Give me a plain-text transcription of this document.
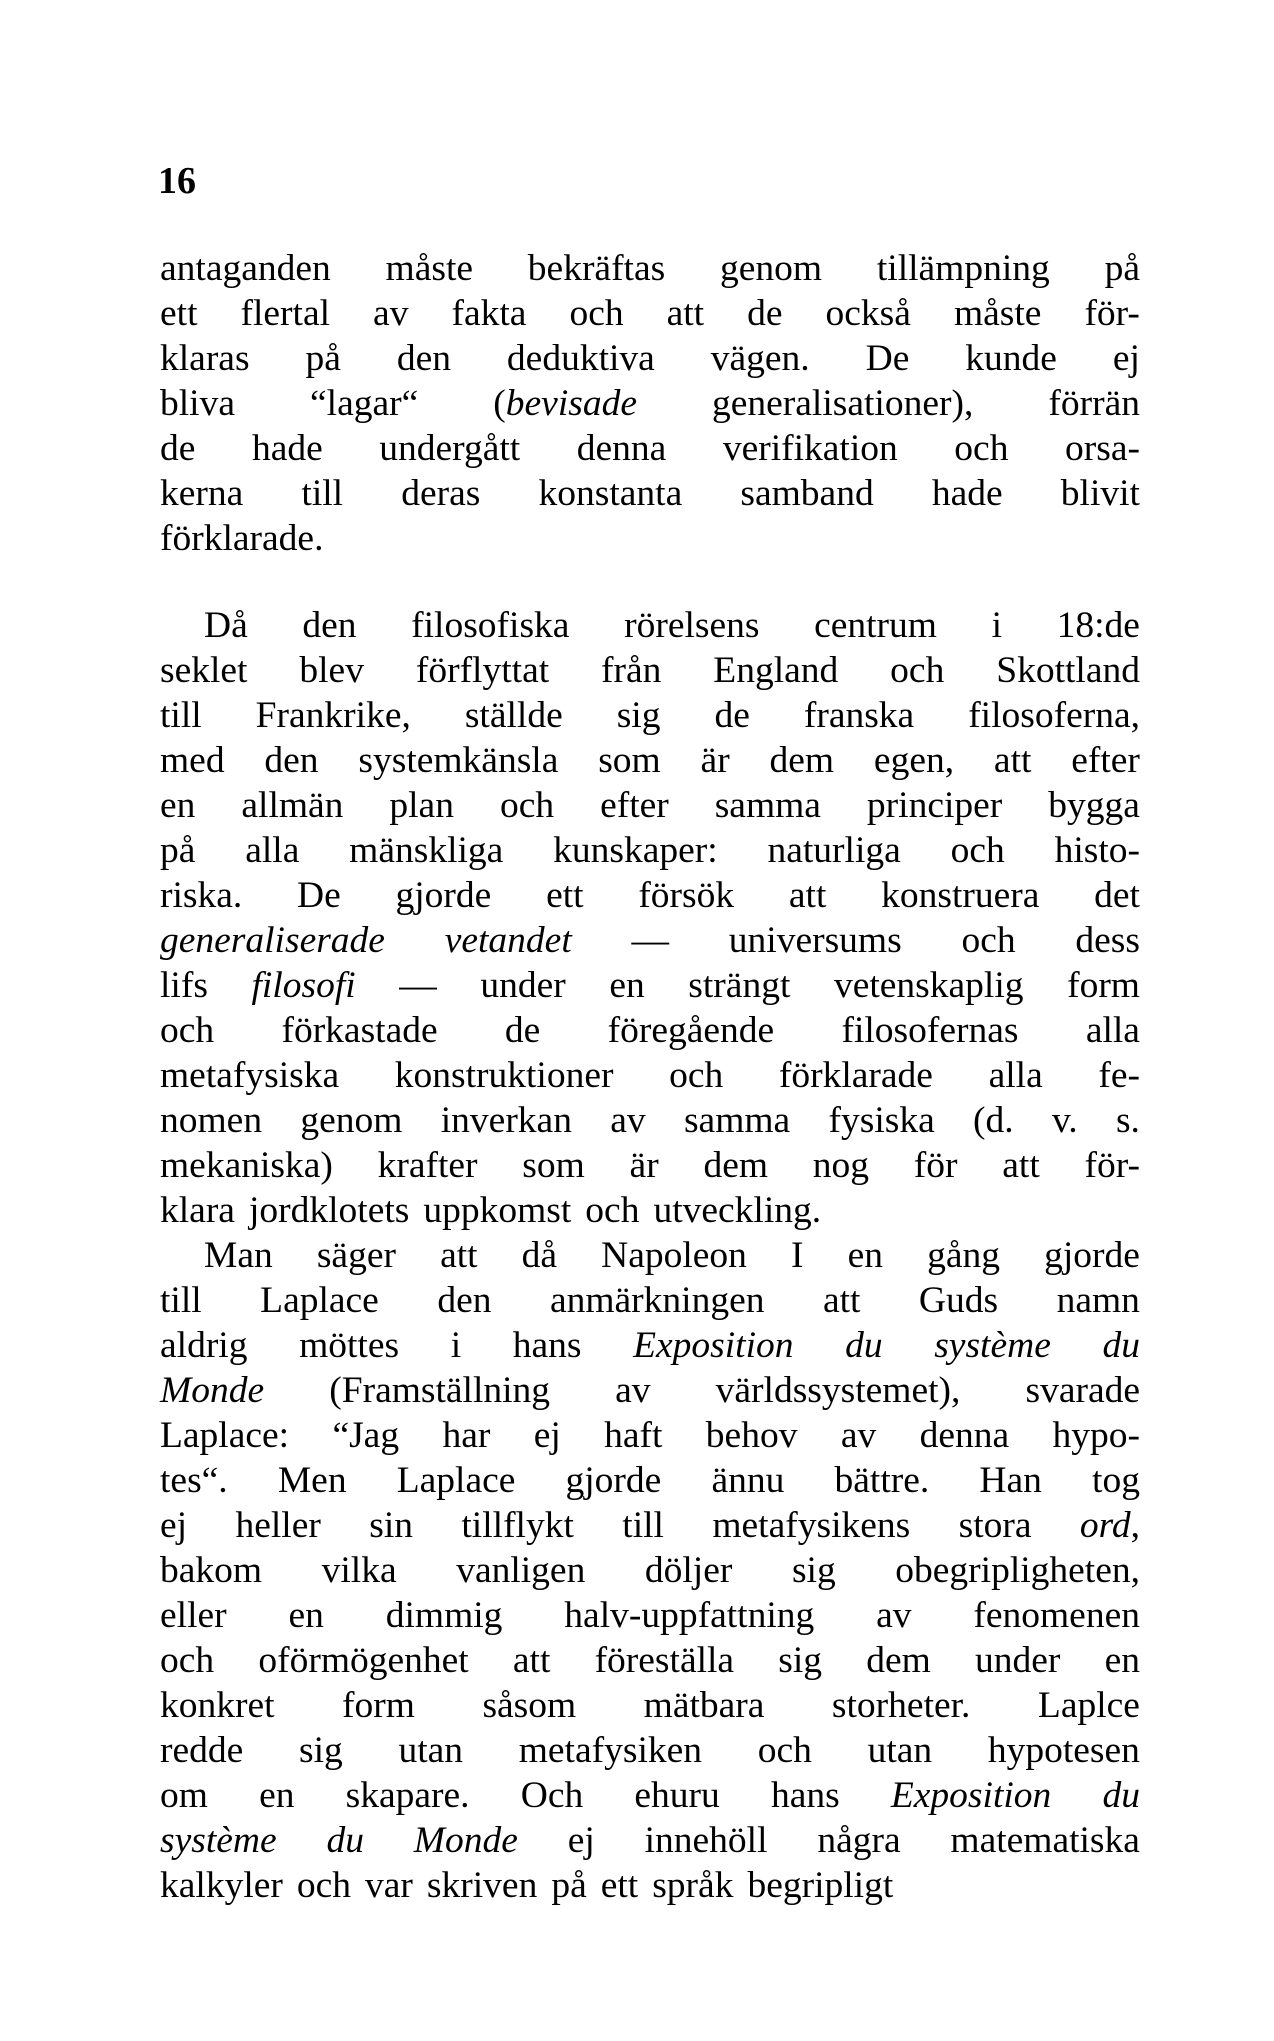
16
antaganden måste bekräftas genom tillämpning på
ett flertal av fakta och att de också måste för-
klaras på den deduktiva vägen. De kunde ej
bliva “lagar“ (bevisade generalisationer), förrän
de hade undergått denna verifikation och orsa-
kerna till deras konstanta samband hade blivit
förklarade.
Då den filosofiska rörelsens centrum i 18:de
seklet blev förflyttat från England och Skottland
till Frankrike, ställde sig de franska filosoferna,
med den systemkänsla som är dem egen, att efter
en allmän plan och efter samma principer bygga
på alla mänskliga kunskaper: naturliga och histo-
riska. De gjorde ett försök att konstruera det
generaliserade vetandet — universums och dess
lifs filosofi — under en strängt vetenskaplig form
och förkastade de föregående filosofernas alla
metafysiska konstruktioner och förklarade alla fe-
nomen genom inverkan av samma fysiska (d. v. s.
mekaniska) krafter som är dem nog för att för-
klara jordklotets uppkomst och utveckling.
Man säger att då Napoleon I en gång gjorde
till Laplace den anmärkningen att Guds namn
aldrig möttes i hans Exposition du système du
Monde (Framställning av världssystemet), svarade
Laplace: “Jag har ej haft behov av denna hypo-
tes“. Men Laplace gjorde ännu bättre. Han tog
ej heller sin tillflykt till metafysikens stora ord,
bakom vilka vanligen döljer sig obegripligheten,
eller en dimmig halv-uppfattning av fenomenen
och oförmögenhet att föreställa sig dem under en
konkret form såsom mätbara storheter. Laplce
redde sig utan metafysiken och utan hypotesen
om en skapare. Och ehuru hans Exposition du
système du Monde ej innehöll några matematiska
kalkyler och var skriven på ett språk begripligt
